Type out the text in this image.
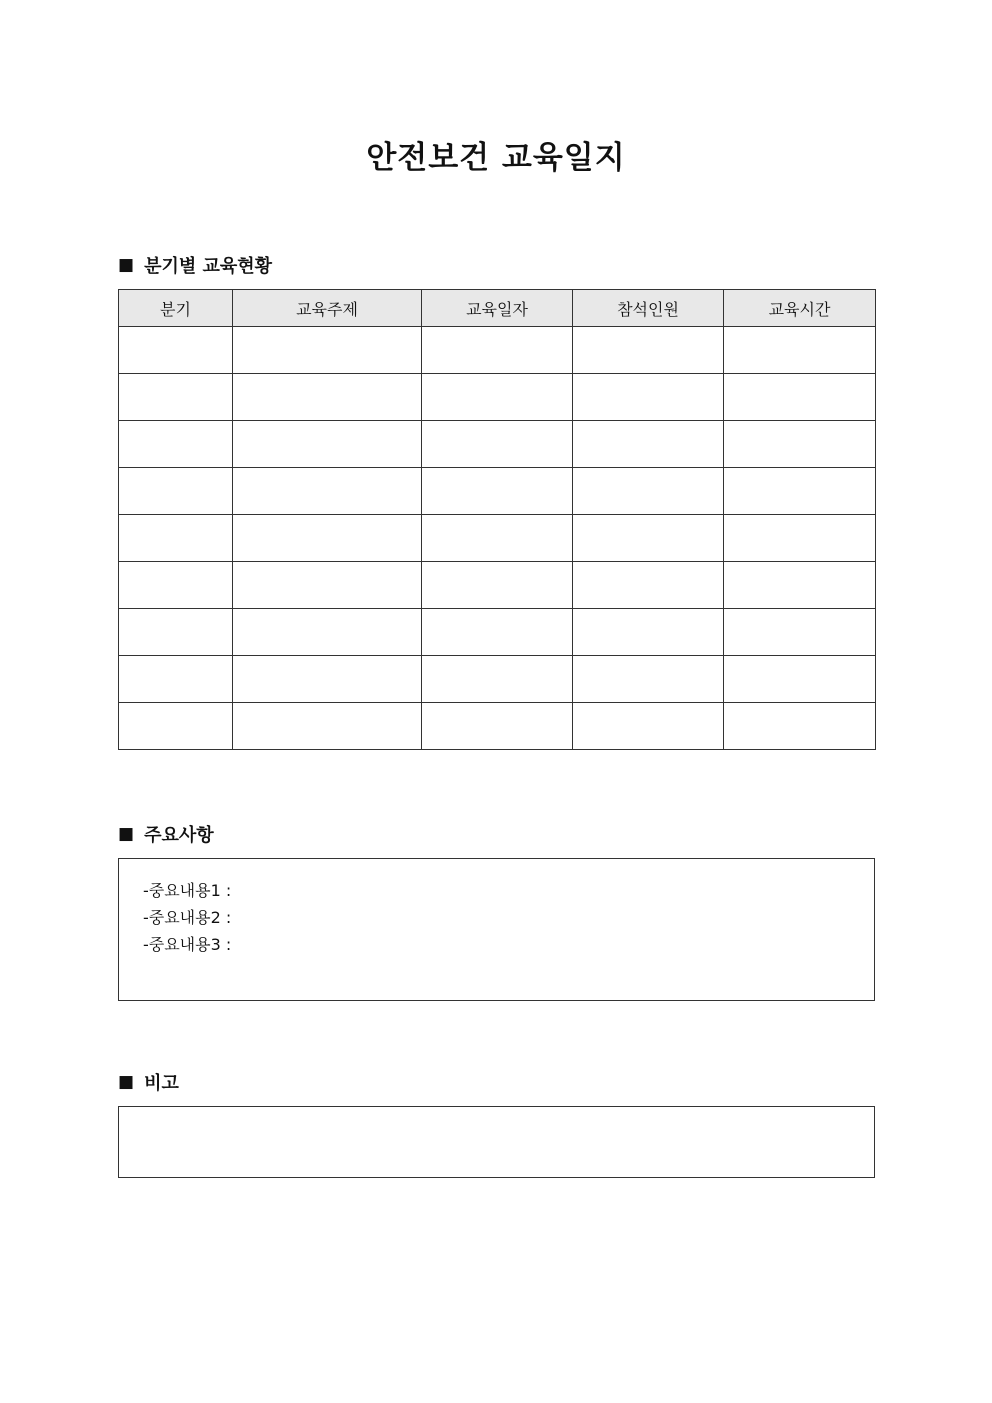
안전보건 교육일지
■ 분기별 교육현황
분기	교육주제	교육일자	참석인원	교육시간

■ 주요사항
-중요내용1 :
-중요내용2 :
-중요내용3 :
■ 비고
